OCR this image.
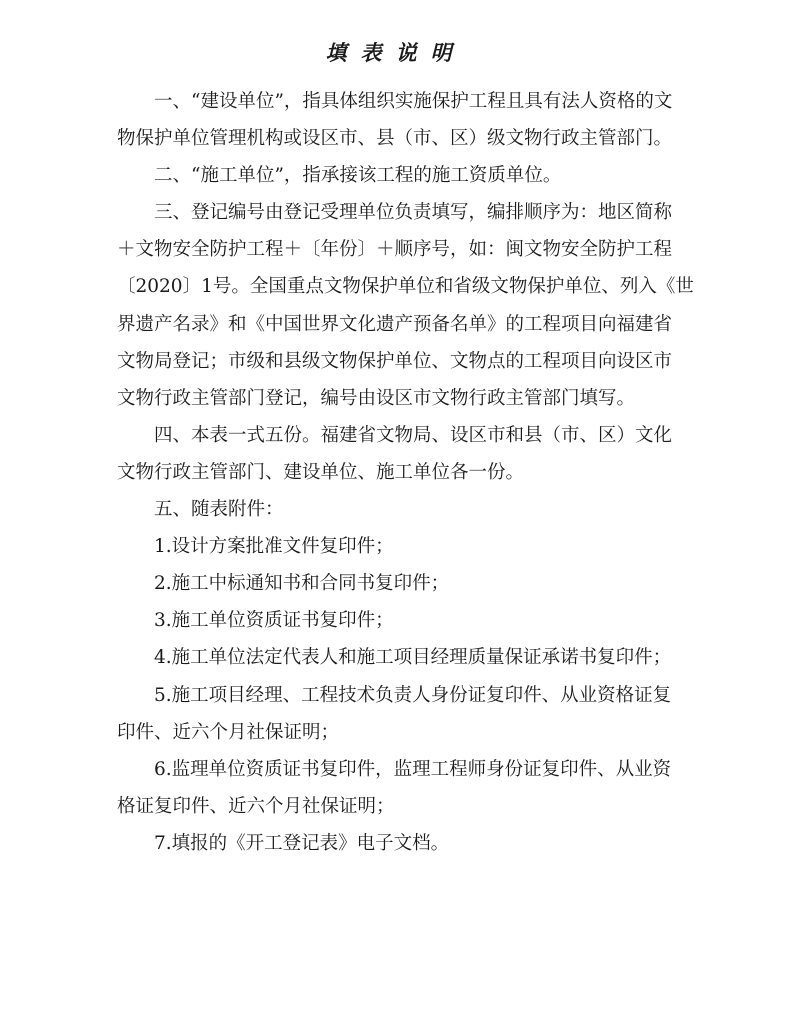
填表说明
一、“建设单位”，指具体组织实施保护工程且具有法人资格的文
物保护单位管理机构或设区市、县（市、区）级文物行政主管部门。
二、“施工单位”，指承接该工程的施工资质单位。
三、登记编号由登记受理单位负责填写，编排顺序为：地区简称
＋文物安全防护工程＋〔年份〕＋顺序号，如：闽文物安全防护工程
〔2020〕1号。全国重点文物保护单位和省级文物保护单位、列入《世
界遗产名录》和《中国世界文化遗产预备名单》的工程项目向福建省
文物局登记；市级和县级文物保护单位、文物点的工程项目向设区市
文物行政主管部门登记，编号由设区市文物行政主管部门填写。
四、本表一式五份。福建省文物局、设区市和县（市、区）文化
文物行政主管部门、建设单位、施工单位各一份。
五、随表附件：
1.设计方案批准文件复印件；
2.施工中标通知书和合同书复印件；
3.施工单位资质证书复印件；
4.施工单位法定代表人和施工项目经理质量保证承诺书复印件；
5.施工项目经理、工程技术负责人身份证复印件、从业资格证复
印件、近六个月社保证明；
6.监理单位资质证书复印件，监理工程师身份证复印件、从业资
格证复印件、近六个月社保证明；
7.填报的《开工登记表》电子文档。
